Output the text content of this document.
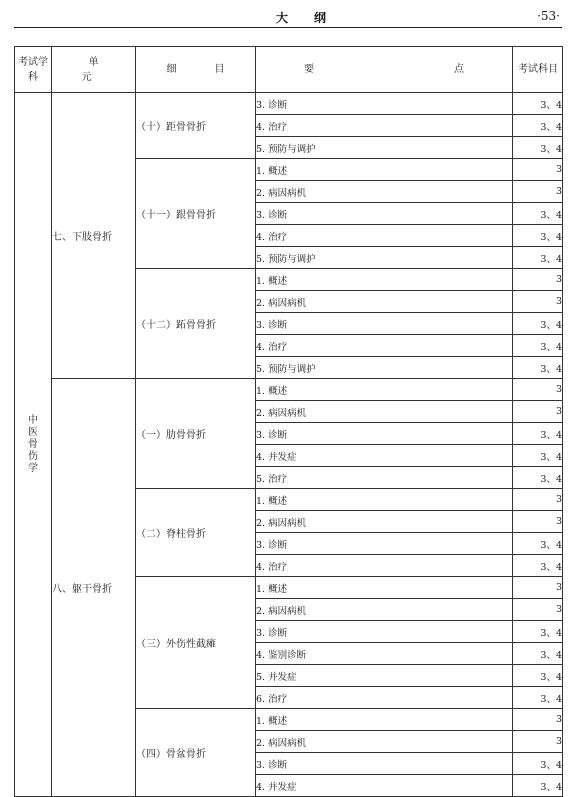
大纲	·53·
考试学科	单　元	细　目	要　　点	考试科目
中医骨伤学	七、下肢骨折	（十）距骨骨折	3. 诊断	3、4
			4. 治疗	3、4
			5. 预防与调护	3、4
		（十一）跟骨骨折	1. 概述	3
			2. 病因病机	3
			3. 诊断	3、4
			4. 治疗	3、4
			5. 预防与调护	3、4
		（十二）跖骨骨折	1. 概述	3
			2. 病因病机	3
			3. 诊断	3、4
			4. 治疗	3、4
			5. 预防与调护	3、4
	八、躯干骨折	（一）肋骨骨折	1. 概述	3
			2. 病因病机	3
			3. 诊断	3、4
			4. 并发症	3、4
			5. 治疗	3、4
		（二）脊柱骨折	1. 概述	3
			2. 病因病机	3
			3. 诊断	3、4
			4. 治疗	3、4
		（三）外伤性截瘫	1. 概述	3
			2. 病因病机	3
			3. 诊断	3、4
			4. 鉴别诊断	3、4
			5. 并发症	3、4
			6. 治疗	3、4
		（四）骨盆骨折	1. 概述	3
			2. 病因病机	3
			3. 诊断	3、4
			4. 并发症	3、4
